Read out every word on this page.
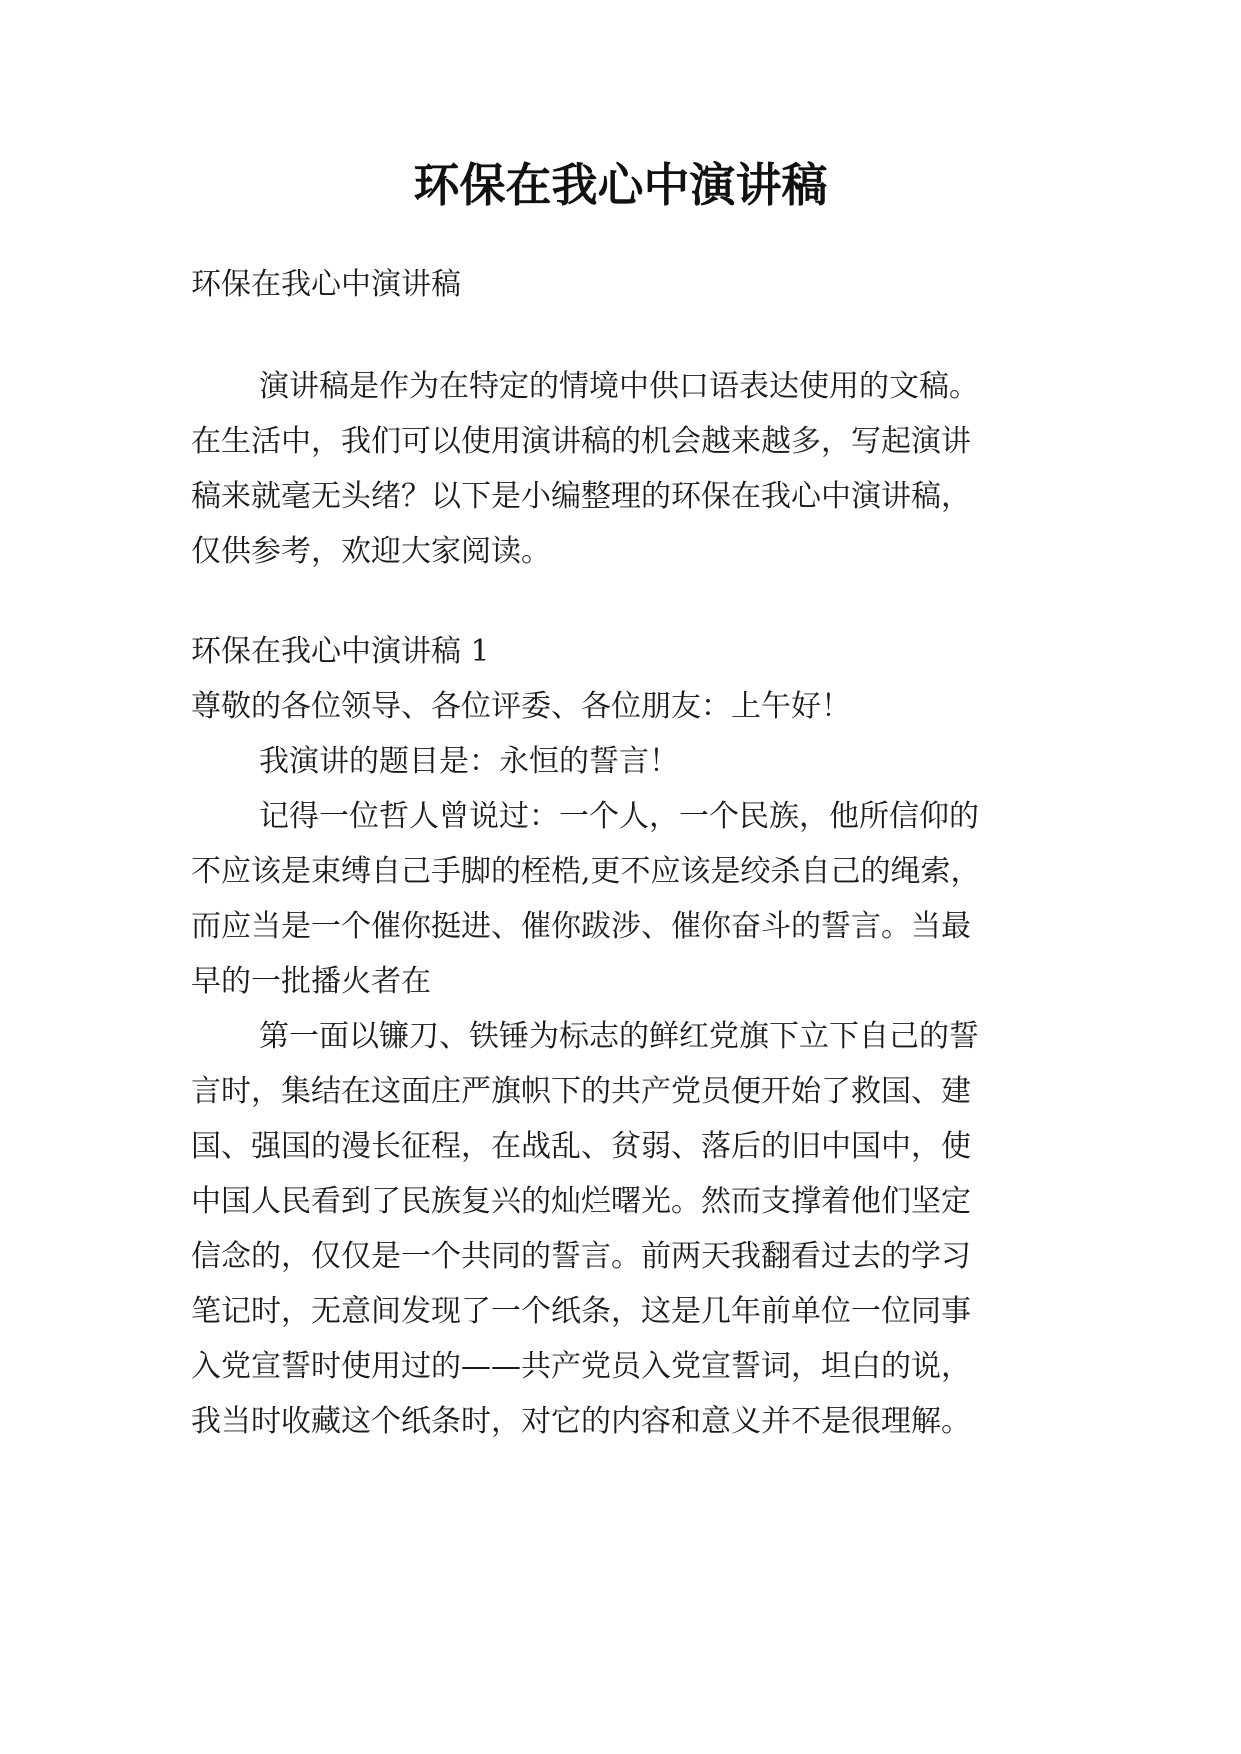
环保在我心中演讲稿
环保在我心中演讲稿
演讲稿是作为在特定的情境中供口语表达使用的文稿。
在生活中，我们可以使用演讲稿的机会越来越多，写起演讲
稿来就毫无头绪？以下是小编整理的环保在我心中演讲稿，
仅供参考，欢迎大家阅读。
环保在我心中演讲稿 1
尊敬的各位领导、各位评委、各位朋友：上午好！
我演讲的题目是：永恒的誓言！
记得一位哲人曾说过：一个人，一个民族，他所信仰的
不应该是束缚自己手脚的桎梏,更不应该是绞杀自己的绳索，
而应当是一个催你挺进、催你跋涉、催你奋斗的誓言。当最
早的一批播火者在
第一面以镰刀、铁锤为标志的鲜红党旗下立下自己的誓
言时，集结在这面庄严旗帜下的共产党员便开始了救国、建
国、强国的漫长征程，在战乱、贫弱、落后的旧中国中，使
中国人民看到了民族复兴的灿烂曙光。然而支撑着他们坚定
信念的，仅仅是一个共同的誓言。前两天我翻看过去的学习
笔记时，无意间发现了一个纸条，这是几年前单位一位同事
入党宣誓时使用过的——共产党员入党宣誓词，坦白的说，
我当时收藏这个纸条时，对它的内容和意义并不是很理解。
